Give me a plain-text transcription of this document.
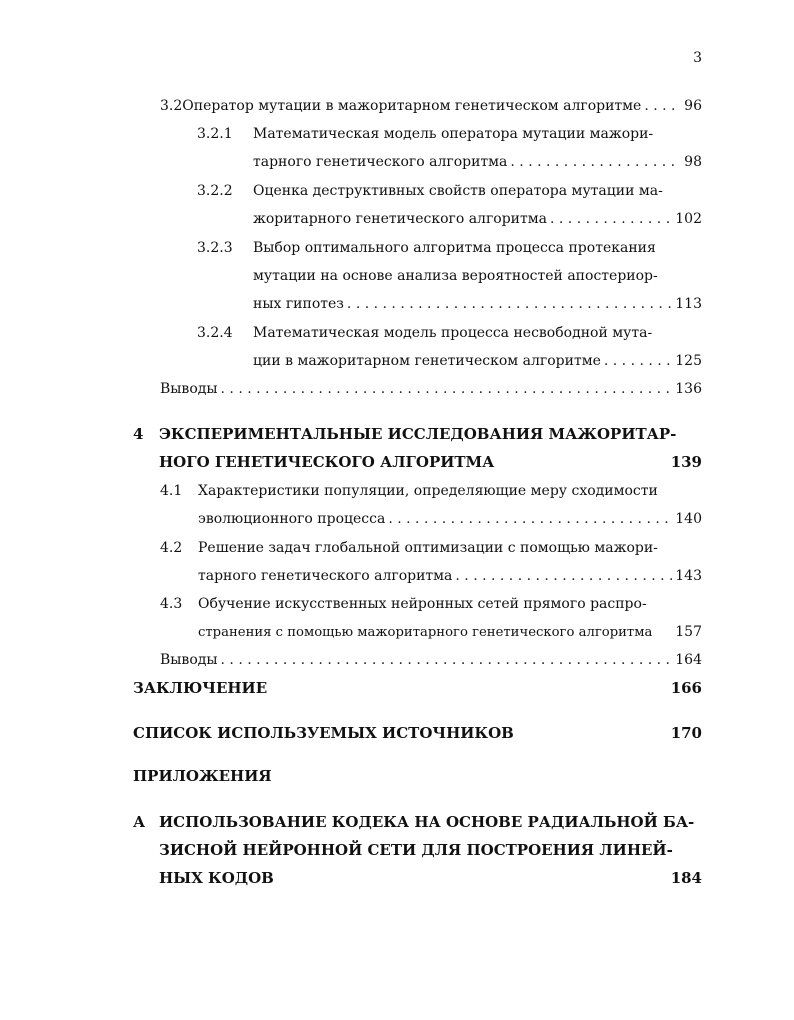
3
3.2 Оператор мутации в мажоритарном генетическом алгоритме . . .	96
3.2.1	Математическая модель оператора мутации мажори-
тарного генетического алгоритма . . .	98
3.2.2	Оценка деструктивных свойств оператора мутации ма-
жоритарного генетического алгоритма . . .	102
3.2.3	Выбор оптимального алгоритма процесса протекания
мутации на основе анализа вероятностей апостериор-
ных гипотез . . .	113
3.2.4	Математическая модель процесса несвободной мута-
ции в мажоритарном генетическом алгоритме . . .	125
Выводы . . .	136
4	ЭКСПЕРИМЕНТАЛЬНЫЕ ИССЛЕДОВАНИЯ МАЖОРИТАР-
НОГО ГЕНЕТИЧЕСКОГО АЛГОРИТМА	139
4.1	Характеристики популяции, определяющие меру сходимости
эволюционного процесса . . .	140
4.2	Решение задач глобальной оптимизации с помощью мажори-
тарного генетического алгоритма . . .	143
4.3	Обучение искусственных нейронных сетей прямого распро-
странения с помощью мажоритарного генетического алгоритма 157
Выводы . . .	164
ЗАКЛЮЧЕНИЕ	166
СПИСОК ИСПОЛЬЗУЕМЫХ ИСТОЧНИКОВ	170
ПРИЛОЖЕНИЯ
А ИСПОЛЬЗОВАНИЕ КОДЕКА НА ОСНОВЕ РАДИАЛЬНОЙ БА-
ЗИСНОЙ НЕЙРОННОЙ СЕТИ ДЛЯ ПОСТРОЕНИЯ ЛИНЕЙ-
НЫХ КОДОВ	184
